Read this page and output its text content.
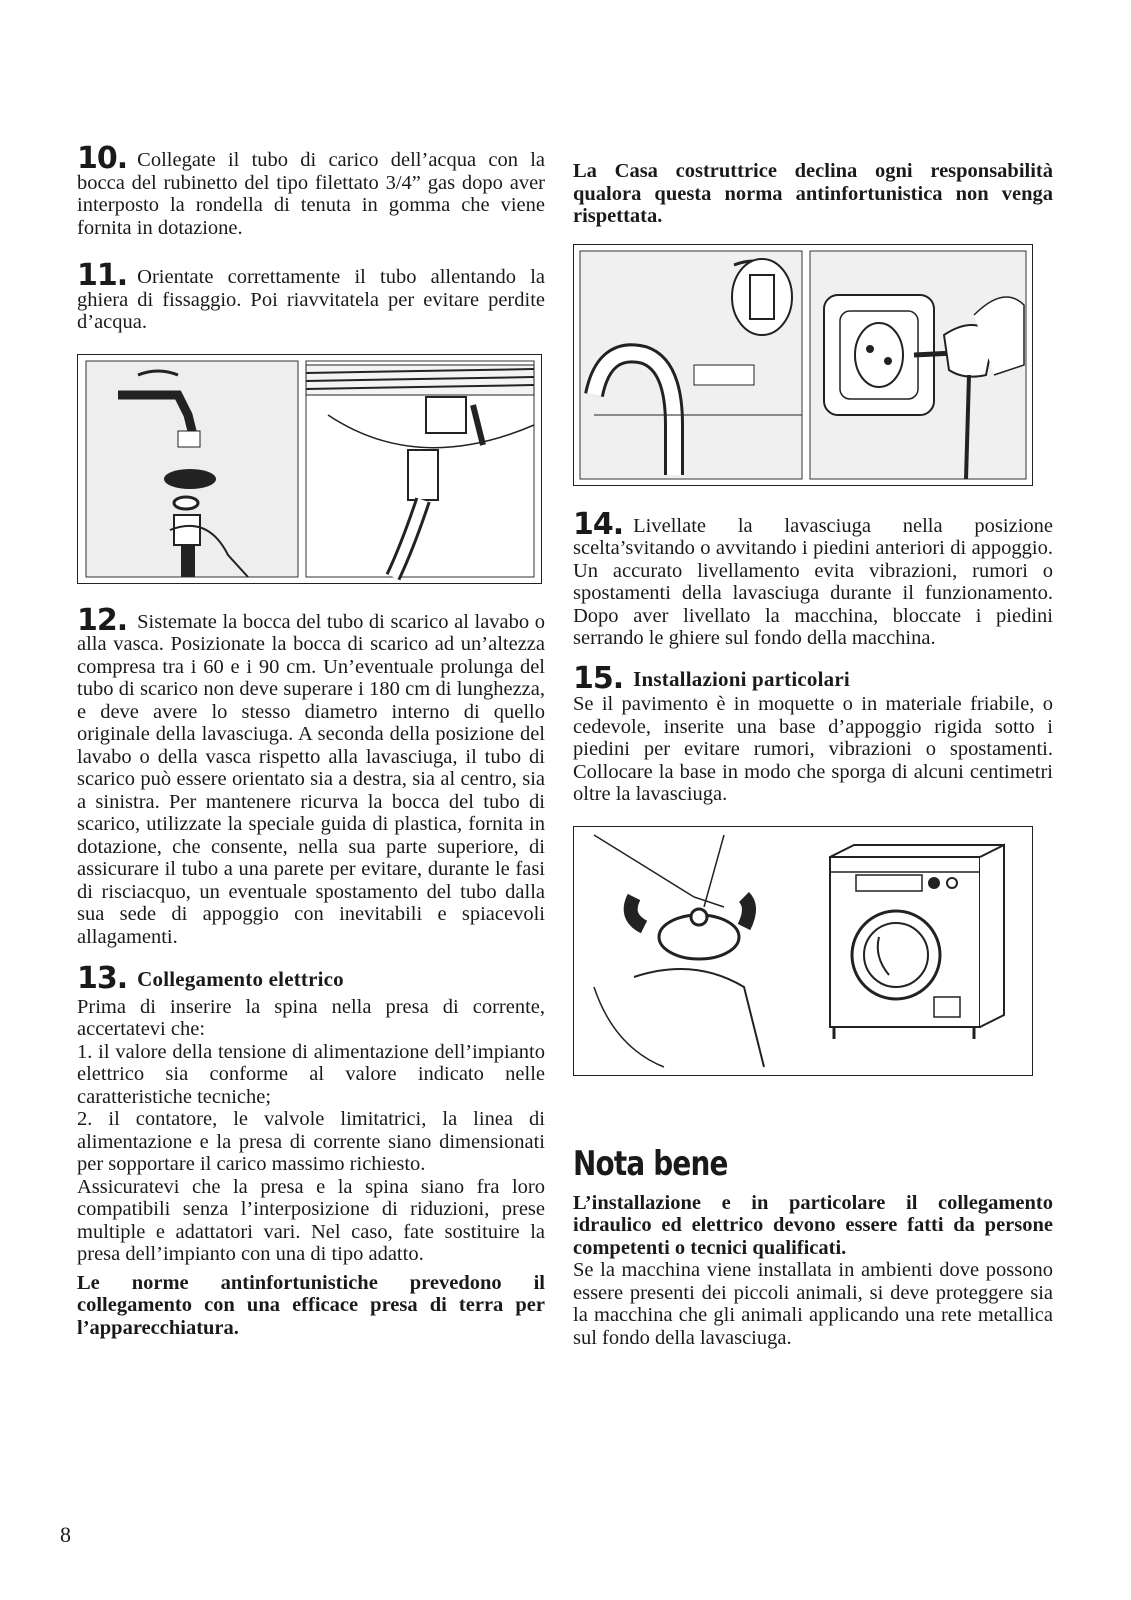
10. Collegate il tubo di carico dell’acqua con la bocca del rubinetto del tipo filettato 3/4” gas dopo aver interposto la rondella di tenuta in gomma che viene fornita in dotazione.

11. Orientate correttamente il tubo allentando la ghiera di fissaggio. Poi riavvitatela per evitare perdite d’acqua.

12. Sistemate la bocca del tubo di scarico al lavabo o alla vasca. Posizionate la bocca di scarico ad un’altezza compresa tra i 60 e i 90 cm. Un’eventuale prolunga del tubo di scarico non deve superare i 180 cm di lunghezza, e deve avere lo stesso diametro interno di quello originale della lavasciuga. A seconda della posizione del lavabo o della vasca rispetto alla lavasciuga, il tubo di scarico può essere orientato sia a destra, sia al centro, sia a sinistra. Per mantenere ricurva la bocca del tubo di scarico, utilizzate la speciale guida di plastica, fornita in dotazione, che consente, nella sua parte superiore, di assicurare il tubo a una parete per evitare, durante le fasi di risciacquo, un eventuale spostamento del tubo dalla sua sede di appoggio con inevitabili e spiacevoli allagamenti.

13. Collegamento elettrico

Prima di inserire la spina nella presa di corrente, accertatevi che:

1. il valore della tensione di alimentazione dell’impianto elettrico sia conforme al valore indicato nelle caratteristiche tecniche;

2. il contatore, le valvole limitatrici, la linea di alimentazione e la presa di corrente siano dimensionati per sopportare il carico massimo richiesto.

Assicuratevi che la presa e la spina siano fra loro compatibili senza l’interposizione di riduzioni, prese multiple e adattatori vari. Nel caso, fate sostituire la presa dell’impianto con una di tipo adatto.

Le norme antinfortunistiche prevedono il collegamento con una efficace presa di terra per l’apparecchiatura.

La Casa costruttrice declina ogni responsabilità qualora questa norma antinfortunistica non venga rispettata.

14. Livellate la lavasciuga nella posizione scelta’svitando o avvitando i piedini anteriori di appoggio. Un accurato livellamento evita vibrazioni, rumori o spostamenti della lavasciuga durante il funzionamento. Dopo aver livellato la macchina, bloccate i piedini serrando le ghiere sul fondo della macchina.

15. Installazioni particolari

Se il pavimento è in moquette o in materiale friabile, o cedevole, inserite una base d’appoggio rigida sotto i piedini per evitare rumori, vibrazioni o spostamenti. Collocare la base in modo che sporga di alcuni centimetri oltre la lavasciuga.

Nota bene

L’installazione e in particolare il collegamento idraulico ed elettrico devono essere fatti da persone competenti o tecnici qualificati.

Se la macchina viene installata in ambienti dove possono essere presenti dei piccoli animali, si deve proteggere sia la macchina che gli animali applicando una rete metallica sul fondo della lavasciuga.

8
